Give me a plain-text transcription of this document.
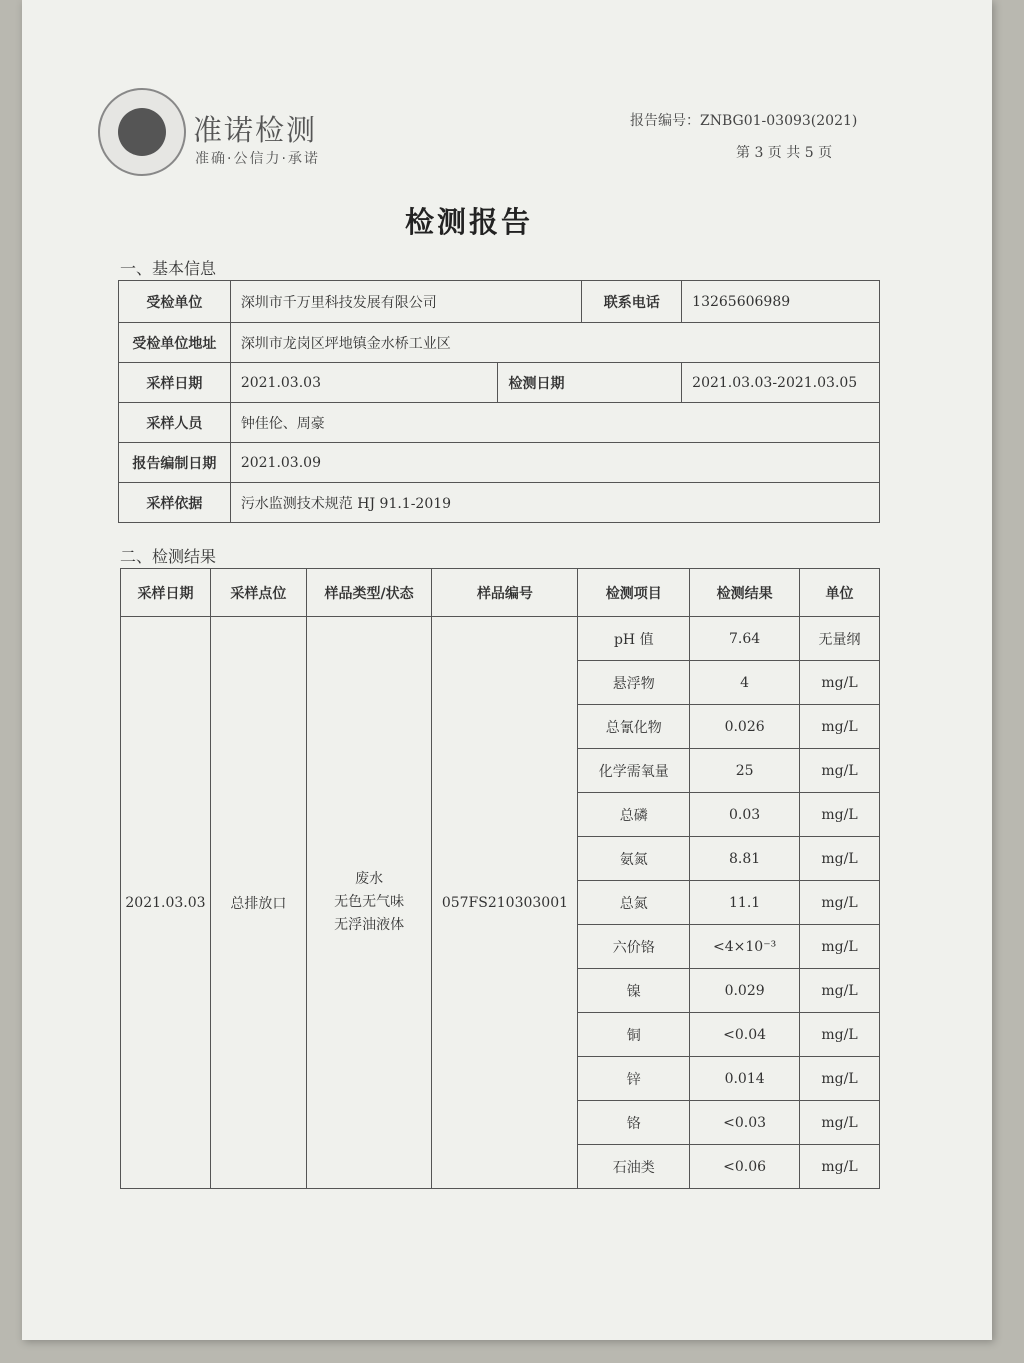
准诺检测
准确·公信力·承诺
报告编号：ZNBG01-03093(2021)
第 3 页 共 5 页
检测报告
一、基本信息
受检单位	深圳市千万里科技发展有限公司		联系电话	13265606989
受检单位地址	深圳市龙岗区坪地镇金水桥工业区			
采样日期	2021.03.03	检测日期		2021.03.03-2021.03.05
采样人员	钟佳伦、周豪			
报告编制日期	2021.03.09			
采样依据	污水监测技术规范 HJ 91.1-2019			
二、检测结果
采样日期	采样点位	样品类型/状态	样品编号	检测项目	检测结果	单位
2021.03.03	总排放口	废水
无色无气味
无浮油液体	057FS210303001	pH 值	7.64	无量纲
				悬浮物	4	mg/L
				总氰化物	0.026	mg/L
				化学需氧量	25	mg/L
				总磷	0.03	mg/L
				氨氮	8.81	mg/L
				总氮	11.1	mg/L
				六价铬	<4×10⁻³	mg/L
				镍	0.029	mg/L
				铜	<0.04	mg/L
				锌	0.014	mg/L
				铬	<0.03	mg/L
				石油类	<0.06	mg/L
